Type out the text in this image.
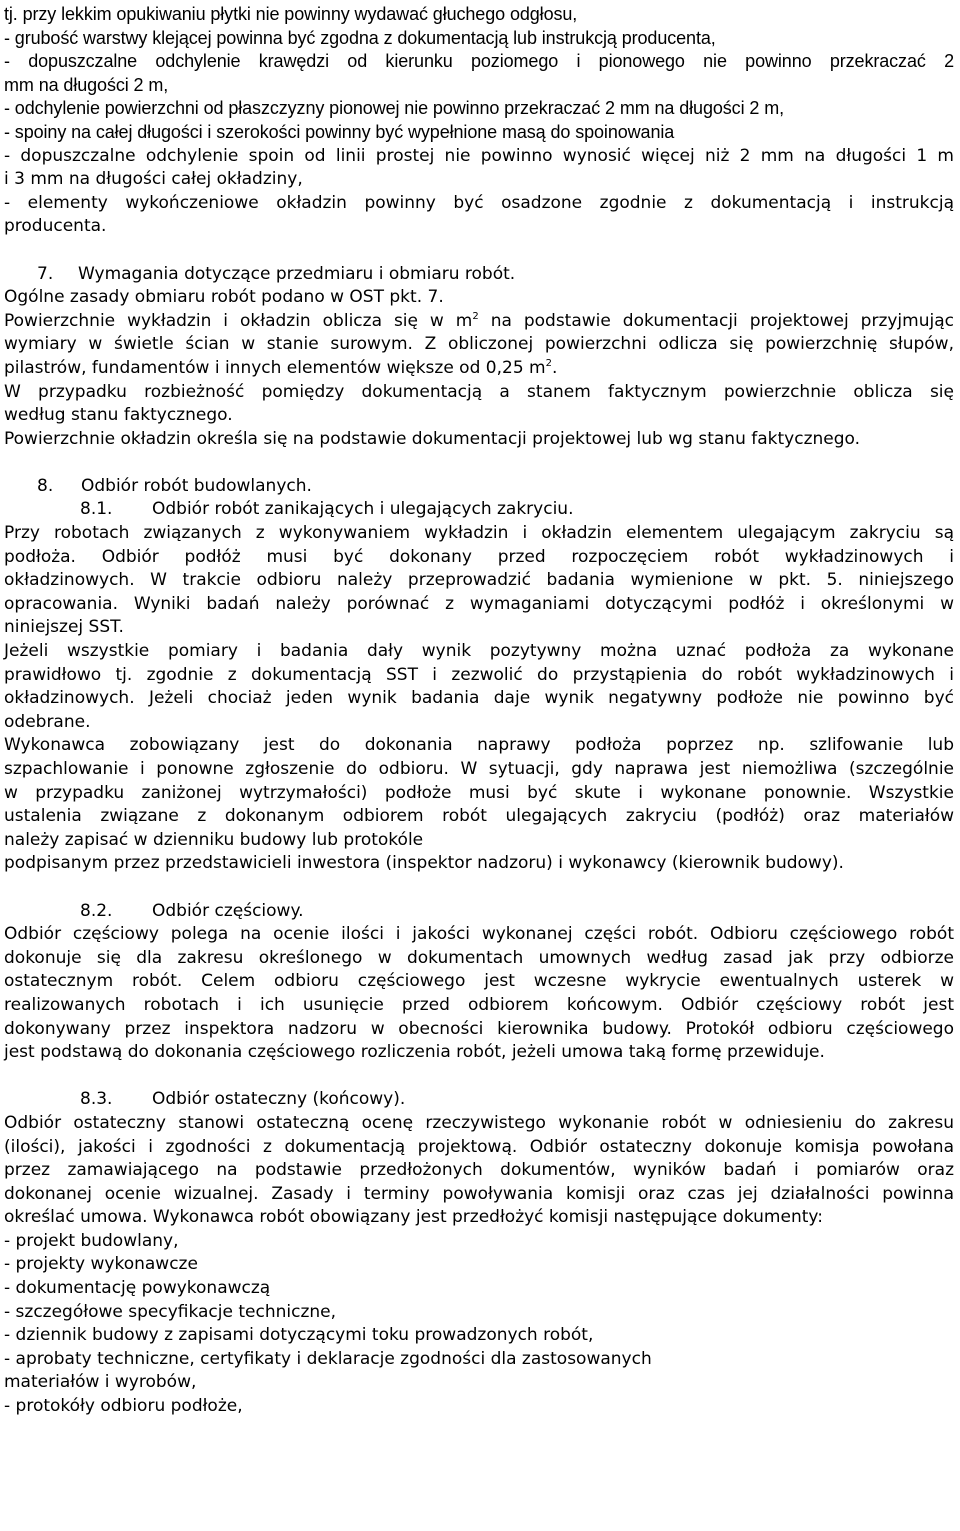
tj. przy lekkim opukiwaniu płytki nie powinny wydawać głuchego odgłosu,
- grubość warstwy klejącej powinna być zgodna z dokumentacją lub instrukcją producenta,
- dopuszczalne odchylenie krawędzi od kierunku poziomego i pionowego nie powinno przekraczać 2
mm na długości 2 m,
- odchylenie powierzchni od płaszczyzny pionowej nie powinno przekraczać 2 mm na długości 2 m,
- spoiny na całej długości i szerokości powinny być wypełnione masą do spoinowania
- dopuszczalne odchylenie spoin od linii prostej nie powinno wynosić więcej niż 2 mm na długości 1 m
i 3 mm na długości całej okładziny,
- elementy wykończeniowe okładzin powinny być osadzone zgodnie z dokumentacją i instrukcją
producenta.
7. Wymagania dotyczące przedmiaru i obmiaru robót.
Ogólne zasady obmiaru robót podano w OST pkt. 7.
Powierzchnie wykładzin i okładzin oblicza się w $m^2$ na podstawie dokumentacji projektowej przyjmując
wymiary w świetle ścian w stanie surowym. Z obliczonej powierzchni odlicza się powierzchnię słupów,
pilastrów, fundamentów i innych elementów większe od 0,25 $m^2$.
W przypadku rozbieżność pomiędzy dokumentacją a stanem faktycznym powierzchnie oblicza się
według stanu faktycznego.
Powierzchnie okładzin określa się na podstawie dokumentacji projektowej lub wg stanu faktycznego.
8. Odbiór robót budowlanych.
8.1. Odbiór robót zanikających i ulegających zakryciu.
Przy robotach związanych z wykonywaniem wykładzin i okładzin elementem ulegającym zakryciu są
podłoża. Odbiór podłóż musi być dokonany przed rozpoczęciem robót wykładzinowych i
okładzinowych. W trakcie odbioru należy przeprowadzić badania wymienione w pkt. 5. niniejszego
opracowania. Wyniki badań należy porównać z wymaganiami dotyczącymi podłóż i określonymi w
niniejszej SST.
Jeżeli wszystkie pomiary i badania dały wynik pozytywny można uznać podłoża za wykonane
prawidłowo tj. zgodnie z dokumentacją SST i zezwolić do przystąpienia do robót wykładzinowych i
okładzinowych. Jeżeli chociaż jeden wynik badania daje wynik negatywny podłoże nie powinno być
odebrane.
Wykonawca zobowiązany jest do dokonania naprawy podłoża poprzez np. szlifowanie lub
szpachlowanie i ponowne zgłoszenie do odbioru. W sytuacji, gdy naprawa jest niemożliwa (szczególnie
w przypadku zaniżonej wytrzymałości) podłoże musi być skute i wykonane ponownie. Wszystkie
ustalenia związane z dokonanym odbiorem robót ulegających zakryciu (podłóż) oraz materiałów
należy zapisać w dzienniku budowy lub protokóle
podpisanym przez przedstawicieli inwestora (inspektor nadzoru) i wykonawcy (kierownik budowy).
8.2. Odbiór częściowy.
Odbiór częściowy polega na ocenie ilości i jakości wykonanej części robót. Odbioru częściowego robót
dokonuje się dla zakresu określonego w dokumentach umownych według zasad jak przy odbiorze
ostatecznym robót. Celem odbioru częściowego jest wczesne wykrycie ewentualnych usterek w
realizowanych robotach i ich usunięcie przed odbiorem końcowym. Odbiór częściowy robót jest
dokonywany przez inspektora nadzoru w obecności kierownika budowy. Protokół odbioru częściowego
jest podstawą do dokonania częściowego rozliczenia robót, jeżeli umowa taką formę przewiduje.
8.3. Odbiór ostateczny (końcowy).
Odbiór ostateczny stanowi ostateczną ocenę rzeczywistego wykonanie robót w odniesieniu do zakresu
(ilości), jakości i zgodności z dokumentacją projektową. Odbiór ostateczny dokonuje komisja powołana
przez zamawiającego na podstawie przedłożonych dokumentów, wyników badań i pomiarów oraz
dokonanej ocenie wizualnej. Zasady i terminy powoływania komisji oraz czas jej działalności powinna
określać umowa. Wykonawca robót obowiązany jest przedłożyć komisji następujące dokumenty:
- projekt budowlany,
- projekty wykonawcze
- dokumentację powykonawczą
- szczegółowe specyfikacje techniczne,
- dziennik budowy z zapisami dotyczącymi toku prowadzonych robót,
- aprobaty techniczne, certyfikaty i deklaracje zgodności dla zastosowanych
materiałów i wyrobów,
- protokóły odbioru podłoże,
